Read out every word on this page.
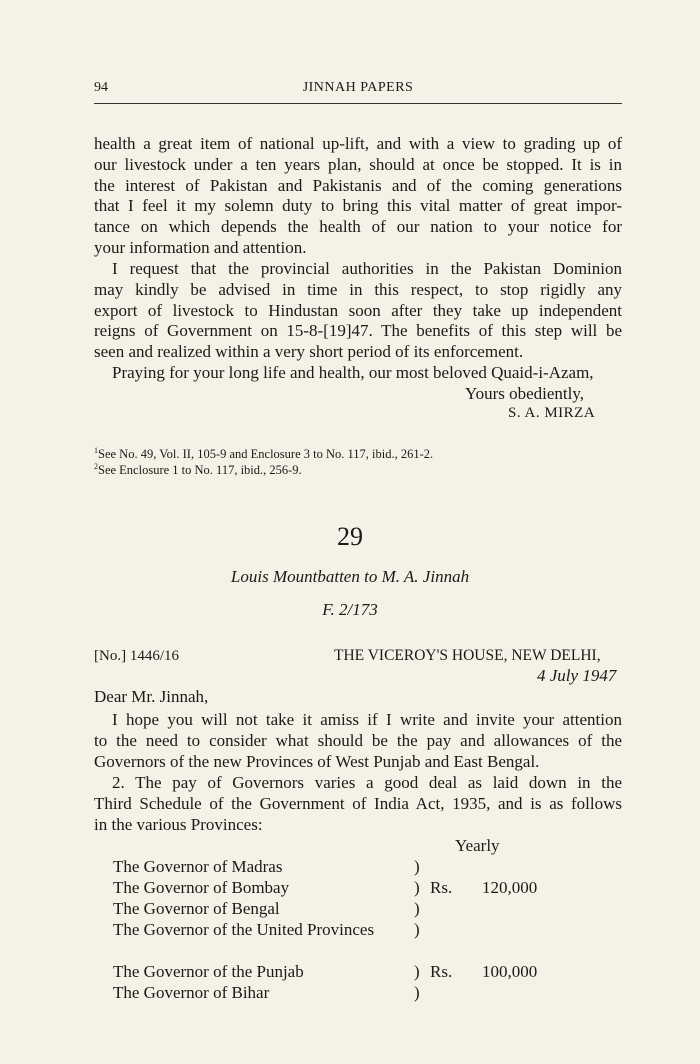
94	JINNAH PAPERS
health a great item of national up-lift, and with a view to grading up of
our livestock under a ten years plan, should at once be stopped. It is in
the interest of Pakistan and Pakistanis and of the coming generations
that I feel it my solemn duty to bring this vital matter of great impor-
tance on which depends the health of our nation to your notice for
your information and attention.
I request that the provincial authorities in the Pakistan Dominion
may kindly be advised in time in this respect, to stop rigidly any
export of livestock to Hindustan soon after they take up independent
reigns of Government on 15-8-[19]47. The benefits of this step will be
seen and realized within a very short period of its enforcement.
Praying for your long life and health, our most beloved Quaid-i-Azam,
Yours obediently,
S. A. MIRZA
$^1$See No. 49, Vol. II, 105-9 and Enclosure 3 to No. 117, ibid., 261-2.
$^2$See Enclosure 1 to No. 117, ibid., 256-9.
29
Louis Mountbatten to M. A. Jinnah
F. 2/173
[No.] 1446/16	THE VICEROY'S HOUSE, NEW DELHI,
4 July 1947
Dear Mr. Jinnah,
I hope you will not take it amiss if I write and invite your attention
to the need to consider what should be the pay and allowances of the
Governors of the new Provinces of West Punjab and East Bengal.
2. The pay of Governors varies a good deal as laid down in the
Third Schedule of the Government of India Act, 1935, and is as follows
in the various Provinces:
Yearly
The Governor of Madras	)
The Governor of Bombay	) Rs. 120,000
The Governor of Bengal	)
The Governor of the United Provinces )
The Governor of the Punjab	) Rs. 100,000
The Governor of Bihar	)
